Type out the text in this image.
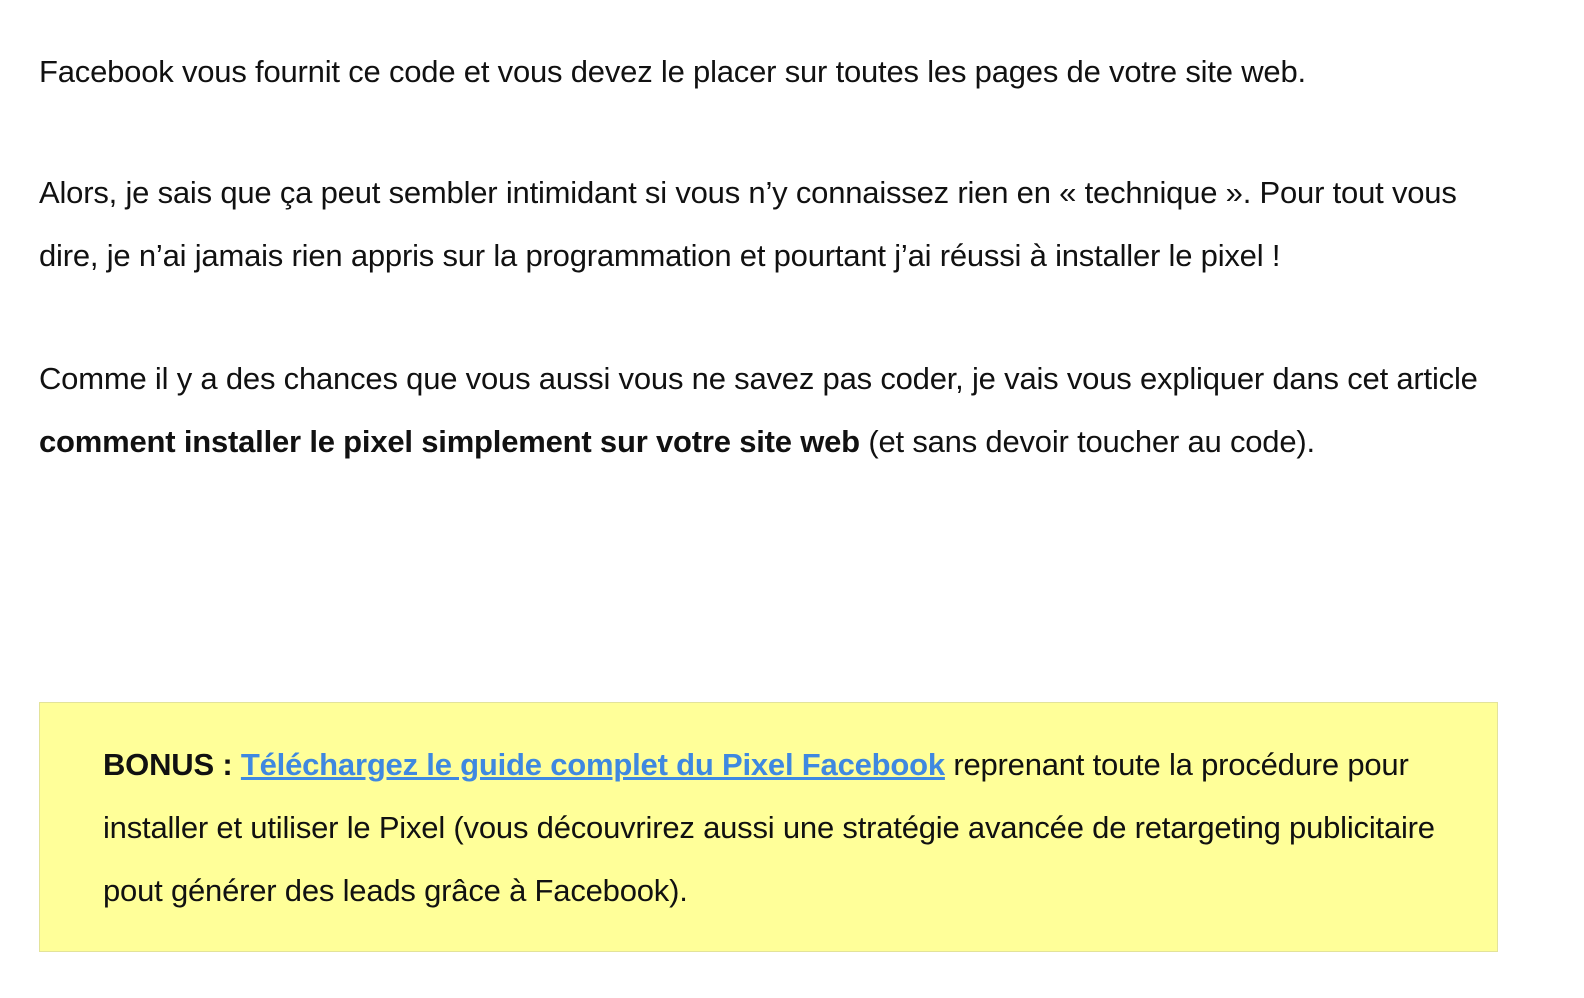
Facebook vous fournit ce code et vous devez le placer sur toutes les pages de votre site web.

Alors, je sais que ça peut sembler intimidant si vous n’y connaissez rien en « technique ». Pour tout vous dire, je n’ai jamais rien appris sur la programmation et pourtant j’ai réussi à installer le pixel !

Comme il y a des chances que vous aussi vous ne savez pas coder, je vais vous expliquer dans cet article comment installer le pixel simplement sur votre site web (et sans devoir toucher au code).

BONUS : Téléchargez le guide complet du Pixel Facebook reprenant toute la procédure pour installer et utiliser le Pixel (vous découvrirez aussi une stratégie avancée de retargeting publicitaire pout générer des leads grâce à Facebook).
